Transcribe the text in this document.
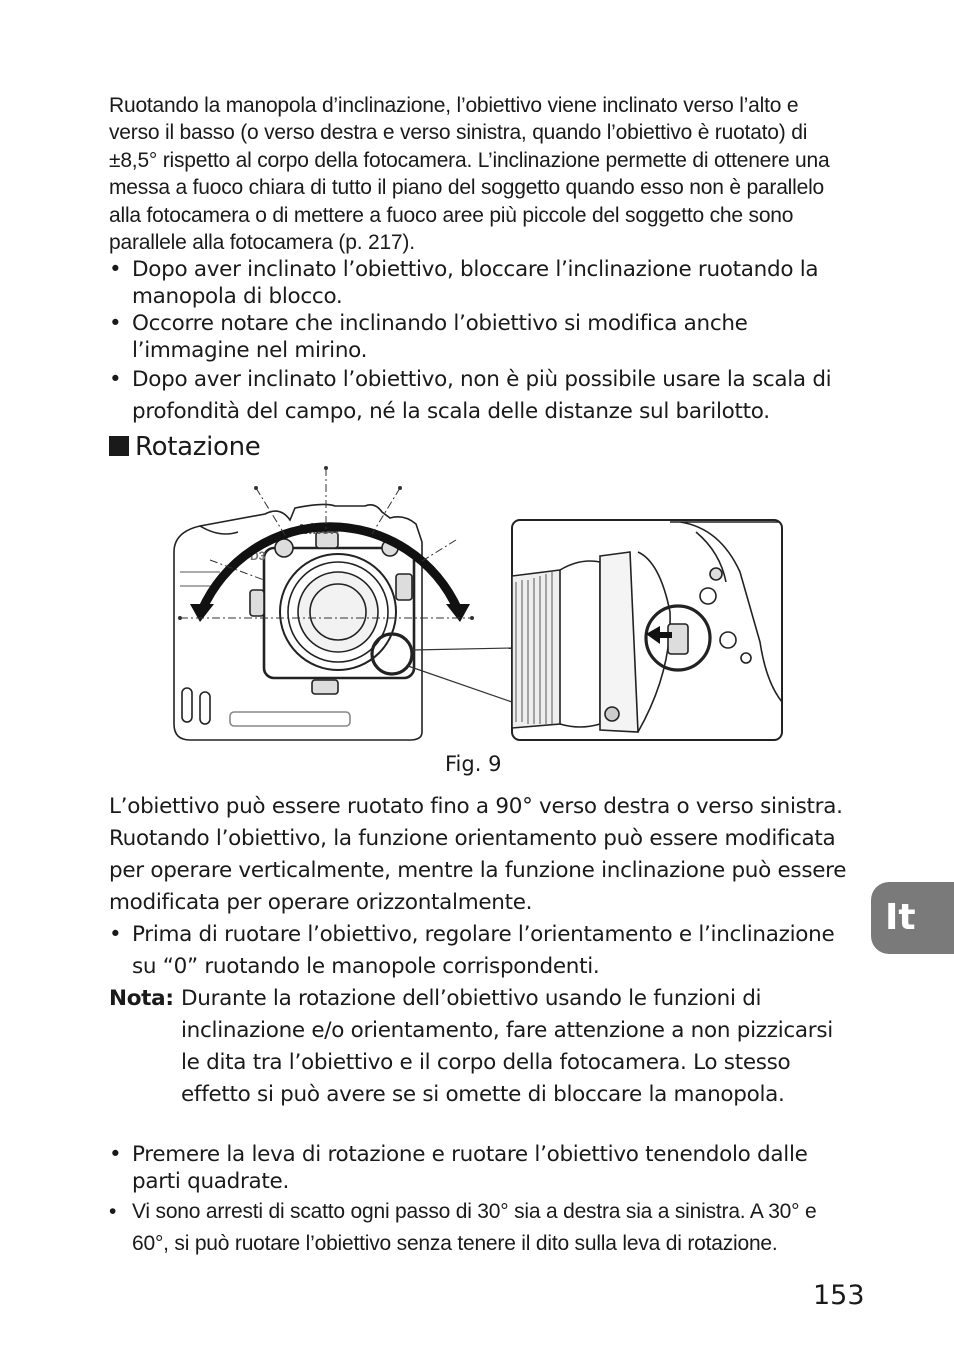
Ruotando la manopola d’inclinazione, l’obiettivo viene inclinato verso l’alto e verso il basso (o verso destra e verso sinistra, quando l’obiettivo è ruotato) di ±8,5° rispetto al corpo della fotocamera. L’inclinazione permette di ottenere una messa a fuoco chiara di tutto il piano del soggetto quando esso non è parallelo alla fotocamera o di mettere a fuoco aree più piccole del soggetto che sono parallele alla fotocamera (p. 217).

• Dopo aver inclinato l’obiettivo, bloccare l’inclinazione ruotando la manopola di blocco.
• Occorre notare che inclinando l’obiettivo si modifica anche l’immagine nel mirino.
• Dopo aver inclinato l’obiettivo, non è più possibile usare la scala di profondità del campo, né la scala delle distanze sul barilotto.
Rotazione
Nikon
D3
Fig. 9

L’obiettivo può essere ruotato fino a 90° verso destra o verso sinistra. Ruotando l’obiettivo, la funzione orientamento può essere modificata per operare verticalmente, mentre la funzione inclinazione può essere modificata per operare orizzontalmente.

• Prima di ruotare l’obiettivo, regolare l’orientamento e l’inclinazione su “0” ruotando le manopole corrispondenti.
Nota: Durante la rotazione dell’obiettivo usando le funzioni di inclinazione e/o orientamento, fare attenzione a non pizzicarsi le dita tra l’obiettivo e il corpo della fotocamera. Lo stesso effetto si può avere se si omette di bloccare la manopola.
• Premere la leva di rotazione e ruotare l’obiettivo tenendolo dalle parti quadrate.
• Vi sono arresti di scatto ogni passo di 30° sia a destra sia a sinistra. A 30° e 60°, si può ruotare l’obiettivo senza tenere il dito sulla leva di rotazione.
It
153
